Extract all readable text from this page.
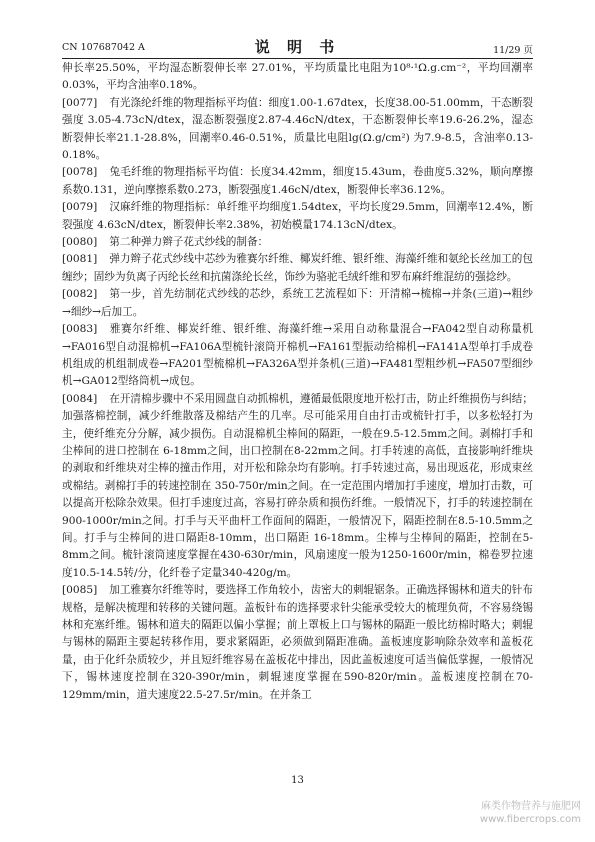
CN 107687042 A	说 明 书	11/29 页

伸长率25.50%，平均湿态断裂伸长率 27.01%，平均质量比电阻为10⁸·¹Ω.g.cm⁻²，平均回潮率0.03%，平均含油率0.18%。

[0077] 有光涤纶纤维的物理指标平均值：细度1.00-1.67dtex，长度38.00-51.00mm，干态断裂强度 3.05-4.73cN/dtex，湿态断裂强度2.87-4.46cN/dtex，干态断裂伸长率19.6-26.2%，湿态断裂伸长率21.1-28.8%，回潮率0.46-0.51%，质量比电阻lg(Ω.g/cm²) 为7.9-8.5，含油率0.13-0.18%。

[0078] 兔毛纤维的物理指标平均值：长度34.42mm，细度15.43um，卷曲度5.32%，顺向摩擦系数0.131，逆向摩擦系数0.273，断裂强度1.46cN/dtex，断裂伸长率36.12%。

[0079] 汉麻纤维的物理指标：单纤维平均细度1.54dtex，平均长度29.5mm，回潮率12.4%，断裂强度 4.63cN/dtex，断裂伸长率2.38%，初始模量174.13cN/dtex。

[0080] 第二种弹力辫子花式纱线的制备：

[0081] 弹力辫子花式纱线中芯纱为雅赛尔纤维、椰炭纤维、银纤维、海藻纤维和氨纶长丝加工的包缠纱；固纱为负离子丙纶长丝和抗菌涤纶长丝，饰纱为骆驼毛绒纤维和罗布麻纤维混纺的强捻纱。

[0082] 第一步，首先纺制花式纱线的芯纱，系统工艺流程如下：开清棉→梳棉→并条(三道)→粗纱→细纱→后加工。

[0083] 雅赛尔纤维、椰炭纤维、银纤维、海藻纤维→采用自动称量混合→FA042型自动称量机→FA016型自动混棉机→FA106A型梳针滚筒开棉机→FA161型振动给棉机→FA141A型单打手成卷机组成的机组制成卷→FA201型梳棉机→FA326A型并条机(三道)→FA481型粗纱机→FA507型细纱机→GA012型络筒机→成包。

[0084] 在开清棉步骤中不采用圆盘自动抓棉机，遵循最低限度地开松打击，防止纤维损伤与纠结；加强落棉控制，减少纤维散落及棉结产生的几率。尽可能采用自由打击或梳针打手，以多松轻打为主，使纤维充分分解，减少损伤。自动混棉机尘棒间的隔距，一般在9.5-12.5mm之间。剥棉打手和尘棒间的进口控制在 6-18mm之间，出口控制在8-22mm之间。打手转速的高低，直接影响纤维块的剥取和纤维块对尘棒的撞击作用，对开松和除杂均有影响。打手转速过高，易出现返花，形成束丝或棉结。剥棉打手的转速控制在 350-750r/min之间。在一定范围内增加打手速度，增加打击数，可以提高开松除杂效果。但打手速度过高，容易打碎杂质和损伤纤维。一般情况下，打手的转速控制在900-1000r/min之间。打手与天平曲杆工作面间的隔距，一般情况下，隔距控制在8.5-10.5mm之间。打手与尘棒间的进口隔距8-10mm，出口隔距 16-18mm。尘棒与尘棒间的隔距，控制在5-8mm之间。梳针滚筒速度掌握在430-630r/min，风扇速度一般为1250-1600r/min，棉卷罗拉速度10.5-14.5转/分，化纤卷子定量340-420g/m。

[0085] 加工雅赛尔纤维等时，要选择工作角较小，齿密大的刺辊锯条。正确选择锡林和道夫的针布规格，是解决梳理和转移的关键问题。盖板针布的选择要求针尖能承受较大的梳理负荷，不容易绕锡林和充塞纤维。锡林和道夫的隔距以偏小掌握；前上罩板上口与锡林的隔距一般比纺棉时略大；刺辊与锡林的隔距主要起转移作用，要求紧隔距，必须做到隔距准确。盖板速度影响除杂效率和盖板花量，由于化纤杂质较少，并且短纤维容易在盖板花中排出，因此盖板速度可适当偏低掌握，一般情况下，锡林速度控制在320-390r/min，刺辊速度掌握在590-820r/min。盖板速度控制在70-129mm/min，道夫速度22.5-27.5r/min。在并条工

13
麻类作物营养与施肥网
www.fibercrops.com
